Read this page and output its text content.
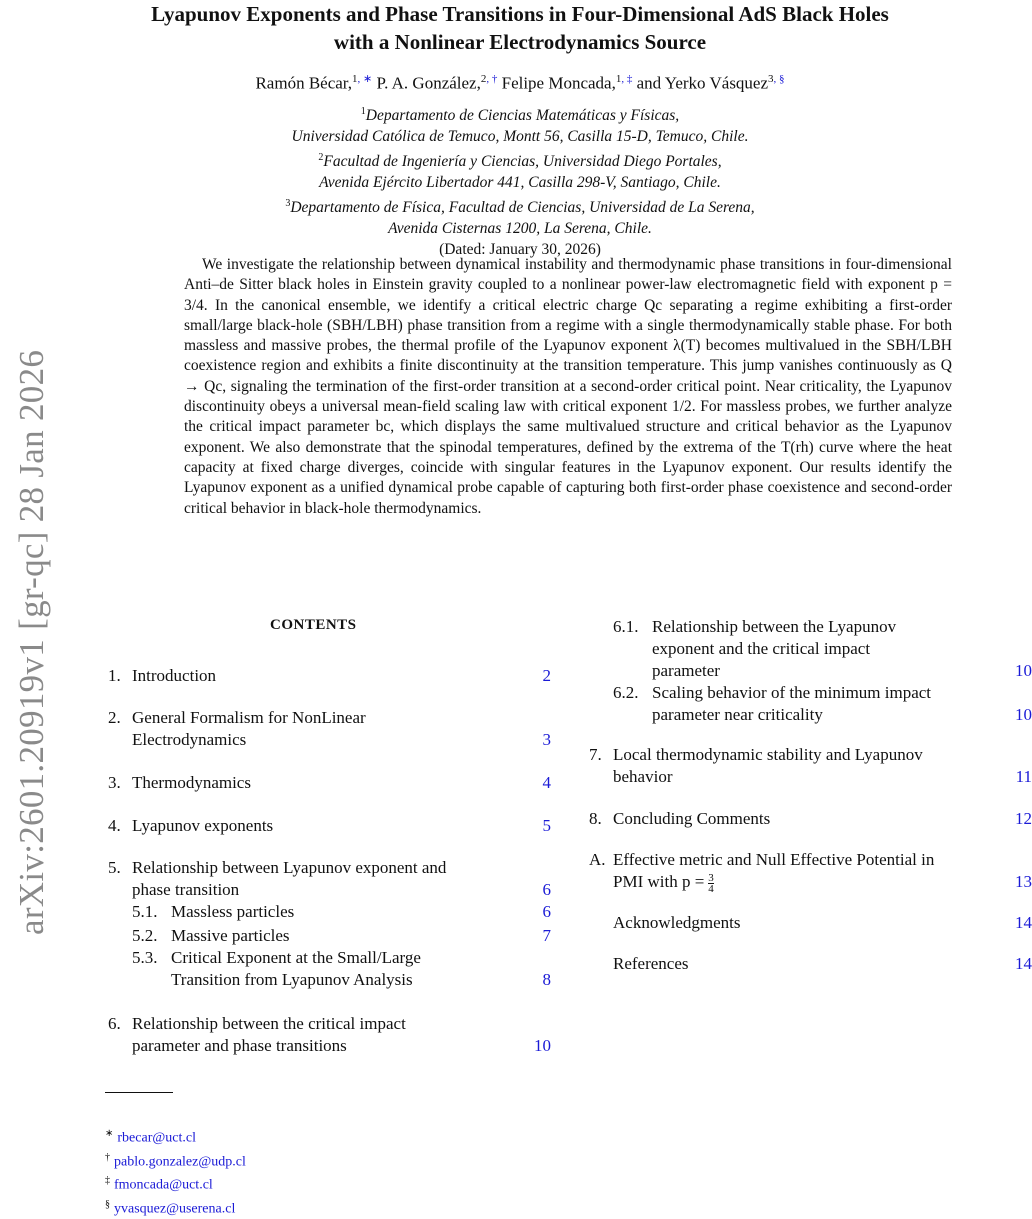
arXiv:2601.20919v1 [gr-qc] 28 Jan 2026
Lyapunov Exponents and Phase Transitions in Four-Dimensional AdS Black Holes
with a Nonlinear Electrodynamics Source
Ramón Bécar,$^{1, ∗}$ P. A. González,$^{2, \dagger}$ Felipe Moncada,$^{1, \ddagger}$ and Yerko Vásquez$^{3, \S}$
$^1$Departamento de Ciencias Matemáticas y Físicas,
Universidad Católica de Temuco, Montt 56, Casilla 15-D, Temuco, Chile.
$^2$Facultad de Ingeniería y Ciencias, Universidad Diego Portales,
Avenida Ejército Libertador 441, Casilla 298-V, Santiago, Chile.
$^3$Departamento de Física, Facultad de Ciencias, Universidad de La Serena,
Avenida Cisternas 1200, La Serena, Chile.
(Dated: January 30, 2026)
We investigate the relationship between dynamical instability and thermodynamic phase transitions in four-dimensional Anti–de Sitter black holes in Einstein gravity coupled to a nonlinear power-law electromagnetic field with exponent p = 3/4. In the canonical ensemble, we identify a critical electric charge Qc separating a regime exhibiting a first-order small/large black-hole (SBH/LBH) phase transition from a regime with a single thermodynamically stable phase. For both massless and massive probes, the thermal profile of the Lyapunov exponent λ(T) becomes multivalued in the SBH/LBH coexistence region and exhibits a finite discontinuity at the transition temperature. This jump vanishes continuously as Q → Qc, signaling the termination of the first-order transition at a second-order critical point. Near criticality, the Lyapunov discontinuity obeys a universal mean-field scaling law with critical exponent 1/2. For massless probes, we further analyze the critical impact parameter bc, which displays the same multivalued structure and critical behavior as the Lyapunov exponent. We also demonstrate that the spinodal temperatures, defined by the extrema of the T(rh) curve where the heat capacity at fixed charge diverges, coincide with singular features in the Lyapunov exponent. Our results identify the Lyapunov exponent as a unified dynamical probe capable of capturing both first-order phase coexistence and second-order critical behavior in black-hole thermodynamics.
CONTENTS
1. Introduction	2
2. General Formalism for NonLinear
Electrodynamics	3
3. Thermodynamics	4
4. Lyapunov exponents	5
5. Relationship between Lyapunov exponent and
phase transition	6
5.1. Massless particles	6
5.2. Massive particles	7
5.3. Critical Exponent at the Small/Large
Transition from Lyapunov Analysis	8
6. Relationship between the critical impact
parameter and phase transitions	10
6.1. Relationship between the Lyapunov
exponent and the critical impact
parameter	10
6.2. Scaling behavior of the minimum impact
parameter near criticality	10
7. Local thermodynamic stability and Lyapunov
behavior	11
8. Concluding Comments	12
A. Effective metric and Null Effective Potential in
PMI with $p = \frac{3}{4}$	13
Acknowledgments	14
References	14
∗ rbecar@uct.cl
† pablo.gonzalez@udp.cl
‡ fmoncada@uct.cl
§ yvasquez@userena.cl
